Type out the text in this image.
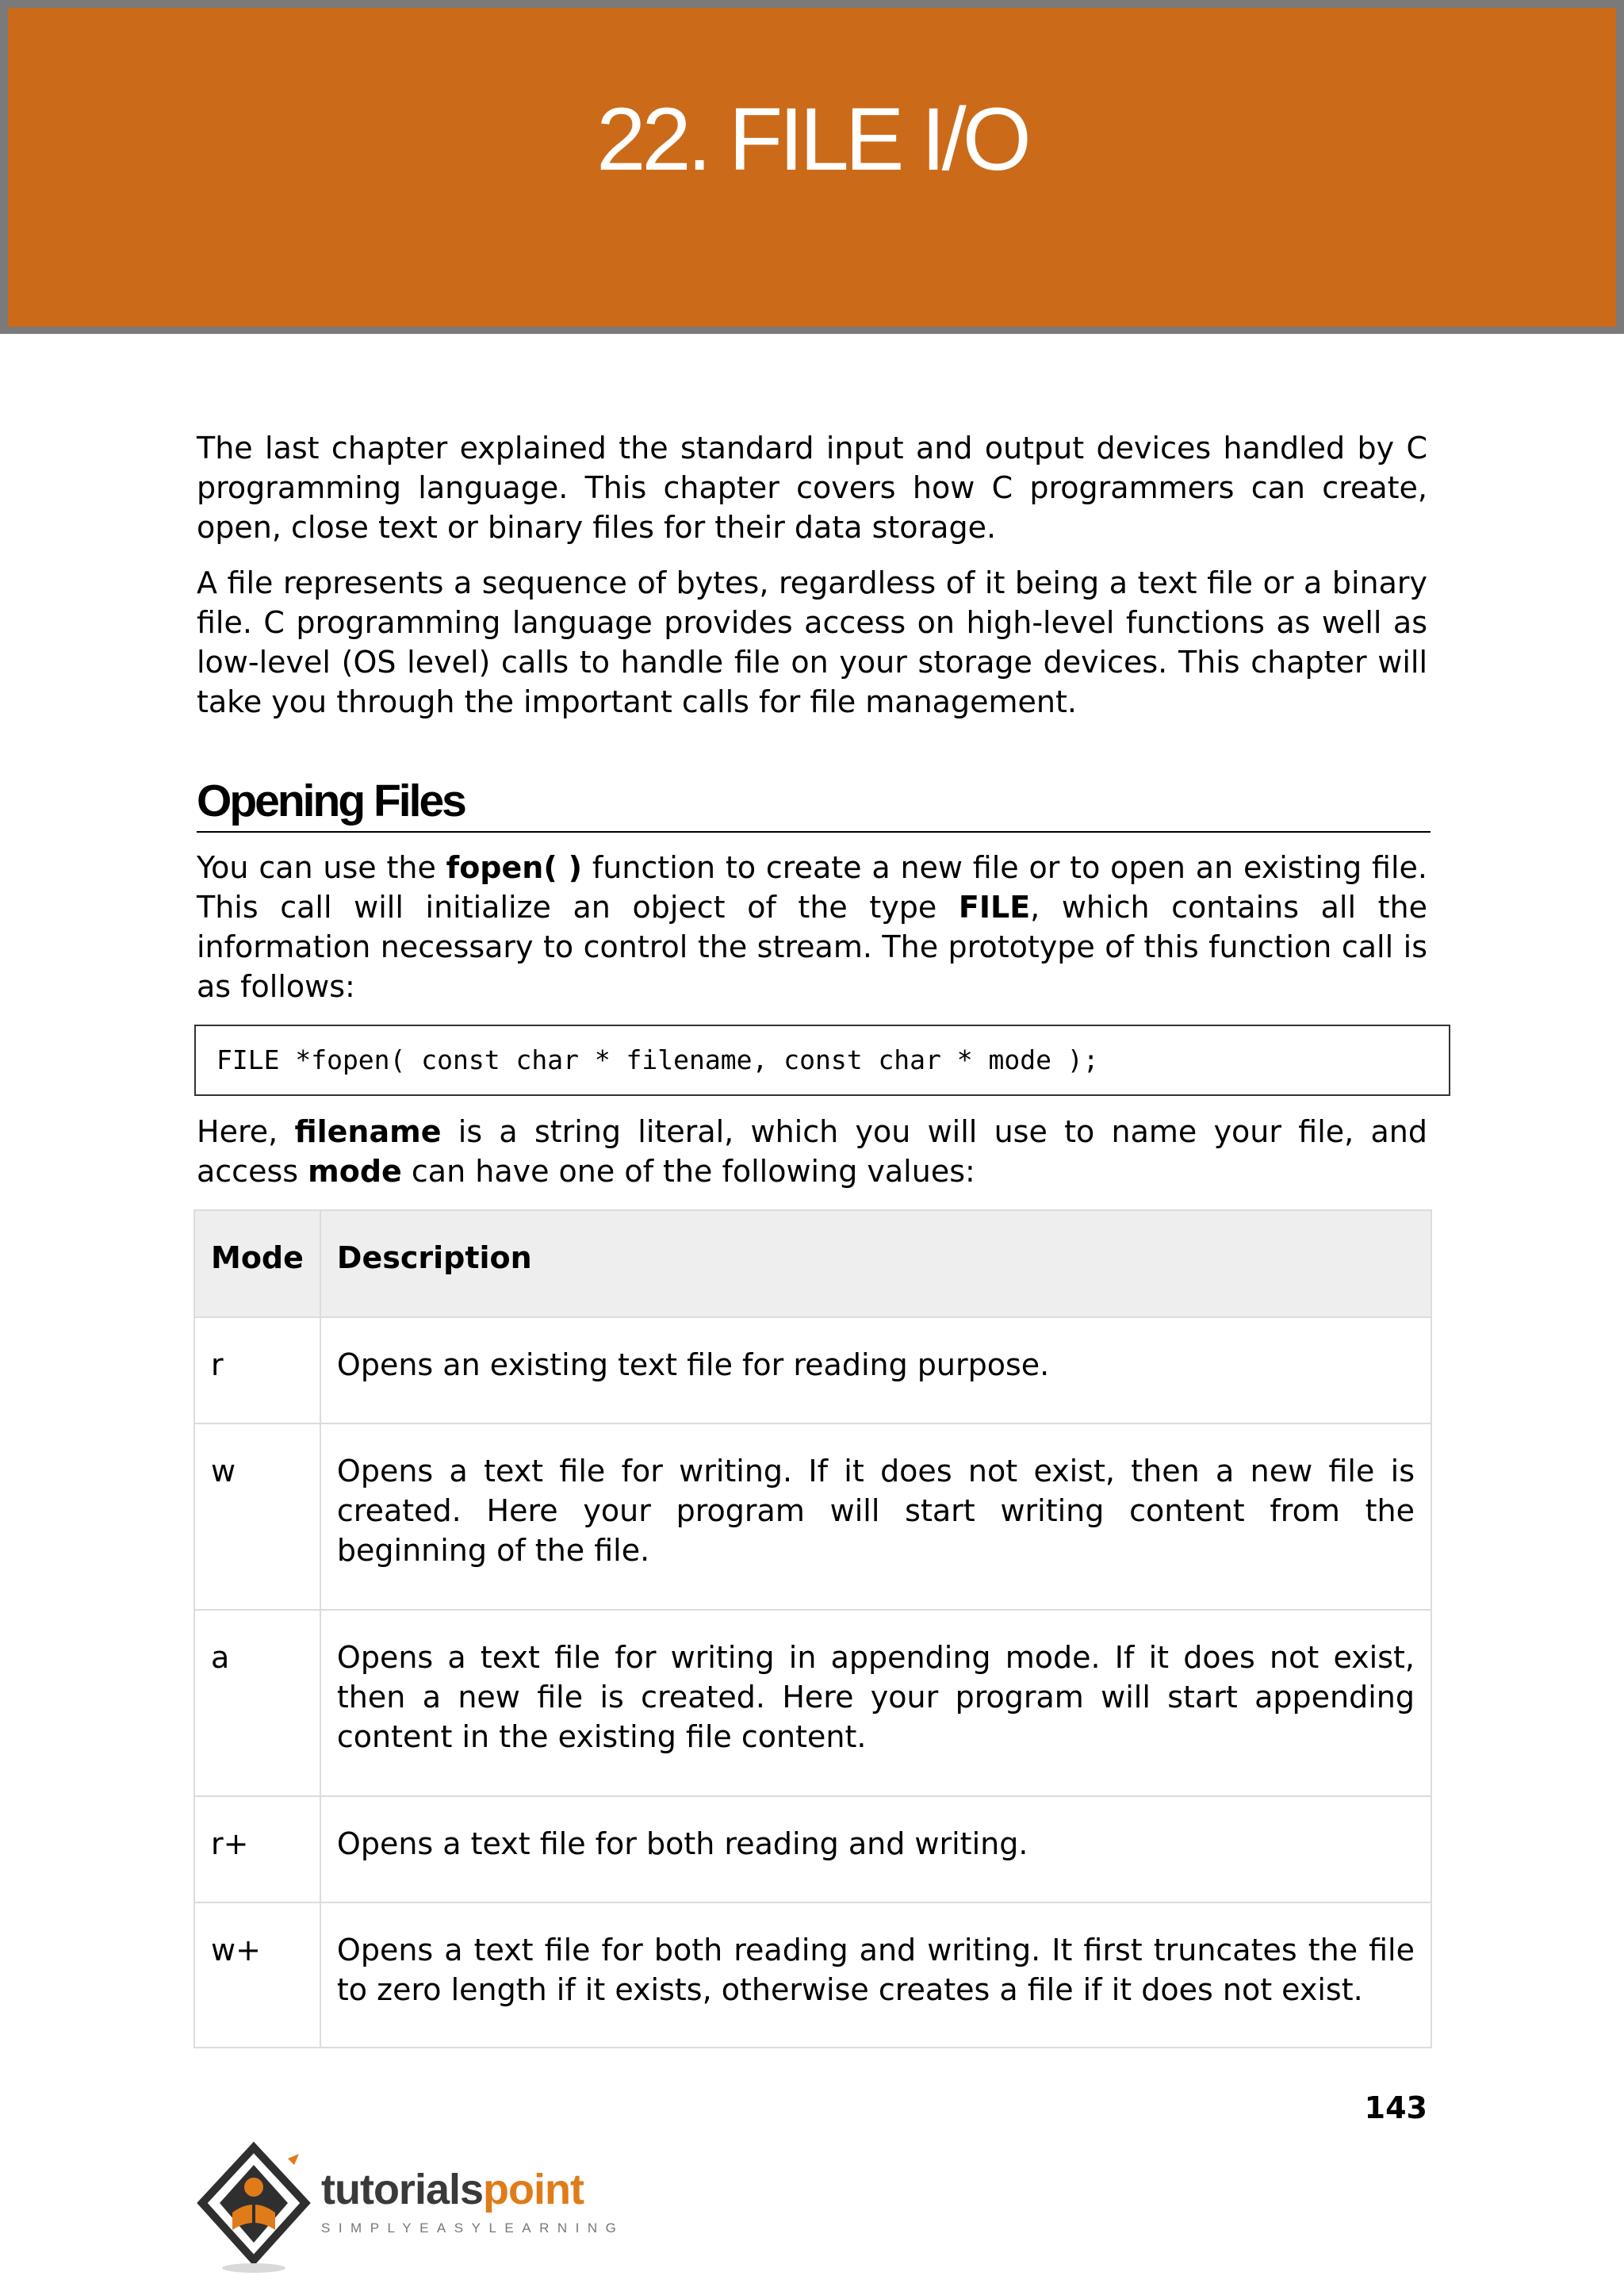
22. FILE I/O

The last chapter explained the standard input and output devices handled by C programming language. This chapter covers how C programmers can create, open, close text or binary files for their data storage.

A file represents a sequence of bytes, regardless of it being a text file or a binary file. C programming language provides access on high-level functions as well as low-level (OS level) calls to handle file on your storage devices. This chapter will take you through the important calls for file management.

Opening Files

You can use the fopen( ) function to create a new file or to open an existing file. This call will initialize an object of the type FILE, which contains all the information necessary to control the stream. The prototype of this function call is as follows:

FILE *fopen( const char * filename, const char * mode );

Here, filename is a string literal, which you will use to name your file, and access mode can have one of the following values:

Mode	Description
r	Opens an existing text file for reading purpose.
w	Opens a text file for writing. If it does not exist, then a new file is created. Here your program will start writing content from the beginning of the file.
a	Opens a text file for writing in appending mode. If it does not exist, then a new file is created. Here your program will start appending content in the existing file content.
r+	Opens a text file for both reading and writing.
w+	Opens a text file for both reading and writing. It first truncates the file to zero length if it exists, otherwise creates a file if it does not exist.
143
tutorialspoint
SIMPLYEASYLEARNING
